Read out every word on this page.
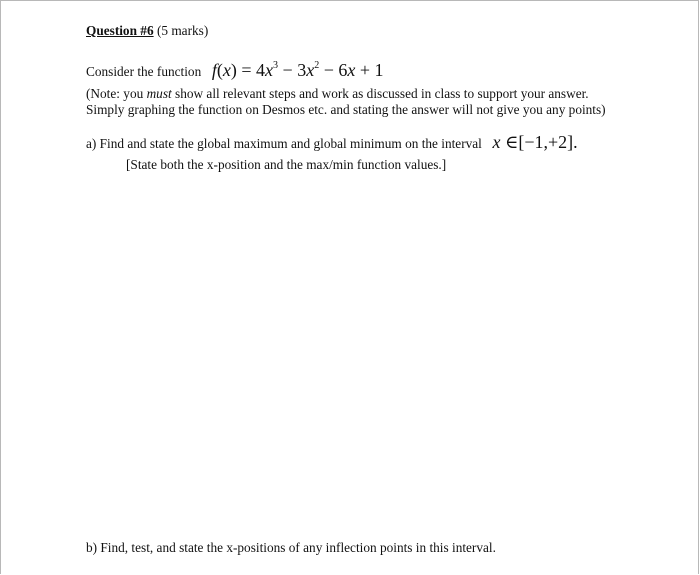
Question #6 (5 marks)
Consider the function $f(x) = 4x^3 - 3x^2 - 6x + 1$
(Note: you must show all relevant steps and work as discussed in class to support your answer.
Simply graphing the function on Desmos etc. and stating the answer will not give you any points)
a) Find and state the global maximum and global minimum on the interval x ∈[−1,+2].
[State both the x-position and the max/min function values.]
b) Find, test, and state the x-positions of any inflection points in this interval.
